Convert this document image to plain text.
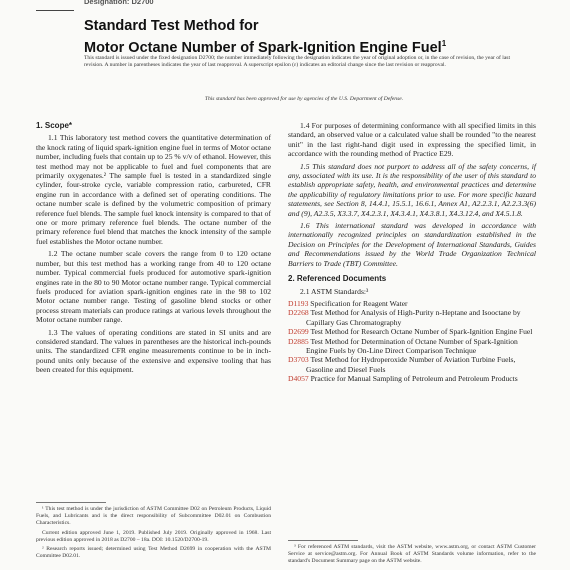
Designation: D2700
Standard Test Method for
Motor Octane Number of Spark-Ignition Engine Fuel$^1$
This standard is issued under the fixed designation D2700; the number immediately following the designation indicates the year of original adoption or, in the case of revision, the year of last revision. A number in parentheses indicates the year of last reapproval. A superscript epsilon (ε) indicates an editorial change since the last revision or reapproval.
This standard has been approved for use by agencies of the U.S. Department of Defense.

1. Scope*

1.1 This laboratory test method covers the quantitative determination of the knock rating of liquid spark-ignition engine fuel in terms of Motor octane number, including fuels that contain up to 25 % v/v of ethanol. However, this test method may not be applicable to fuel and fuel components that are primarily oxygenates.² The sample fuel is tested in a standardized single cylinder, four-stroke cycle, variable compression ratio, carbureted, CFR engine run in accordance with a defined set of operating conditions. The octane number scale is defined by the volumetric composition of primary reference fuel blends. The sample fuel knock intensity is compared to that of one or more primary reference fuel blends. The octane number of the primary reference fuel blend that matches the knock intensity of the sample fuel establishes the Motor octane number.

1.2 The octane number scale covers the range from 0 to 120 octane number, but this test method has a working range from 40 to 120 octane number. Typical commercial fuels produced for automotive spark-ignition engines rate in the 80 to 90 Motor octane number range. Typical commercial fuels produced for aviation spark-ignition engines rate in the 98 to 102 Motor octane number range. Testing of gasoline blend stocks or other process stream materials can produce ratings at various levels throughout the Motor octane number range.

1.3 The values of operating conditions are stated in SI units and are considered standard. The values in parentheses are the historical inch-pounds units. The standardized CFR engine measurements continue to be in inch-pound units only because of the extensive and expensive tooling that has been created for this equipment.

1.4 For purposes of determining conformance with all specified limits in this standard, an observed value or a calculated value shall be rounded "to the nearest unit" in the last right-hand digit used in expressing the specified limit, in accordance with the rounding method of Practice E29.

1.5 This standard does not purport to address all of the safety concerns, if any, associated with its use. It is the responsibility of the user of this standard to establish appropriate safety, health, and environmental practices and determine the applicability of regulatory limitations prior to use. For more specific hazard statements, see Section 8, 14.4.1, 15.5.1, 16.6.1, Annex A1, A2.2.3.1, A2.2.3.3(6) and (9), A2.3.5, X3.3.7, X4.2.3.1, X4.3.4.1, X4.3.8.1, X4.3.12.4, and X4.5.1.8.

1.6 This international standard was developed in accordance with internationally recognized principles on standardization established in the Decision on Principles for the Development of International Standards, Guides and Recommendations issued by the World Trade Organization Technical Barriers to Trade (TBT) Committee.

2. Referenced Documents

2.1 ASTM Standards:³

D1193 Specification for Reagent Water
D2268 Test Method for Analysis of High-Purity n-Heptane and Isooctane by Capillary Gas Chromatography
D2699 Test Method for Research Octane Number of Spark-Ignition Engine Fuel
D2885 Test Method for Determination of Octane Number of Spark-Ignition Engine Fuels by On-Line Direct Comparison Technique
D3703 Test Method for Hydroperoxide Number of Aviation Turbine Fuels, Gasoline and Diesel Fuels
D4057 Practice for Manual Sampling of Petroleum and Petroleum Products

¹ This test method is under the jurisdiction of ASTM Committee D02 on Petroleum Products, Liquid Fuels, and Lubricants and is the direct responsibility of Subcommittee D02.01 on Combustion Characteristics.

Current edition approved June 1, 2019. Published July 2019. Originally approved in 1968. Last previous edition approved in 2018 as D2700 – 18a. DOI: 10.1520/D2700-19.

² Research reports issued; determined using Test Method D2699 in cooperation with the ASTM Committee D02.01.

³ For referenced ASTM standards, visit the ASTM website, www.astm.org, or contact ASTM Customer Service at service@astm.org. For Annual Book of ASTM Standards volume information, refer to the standard's Document Summary page on the ASTM website.
